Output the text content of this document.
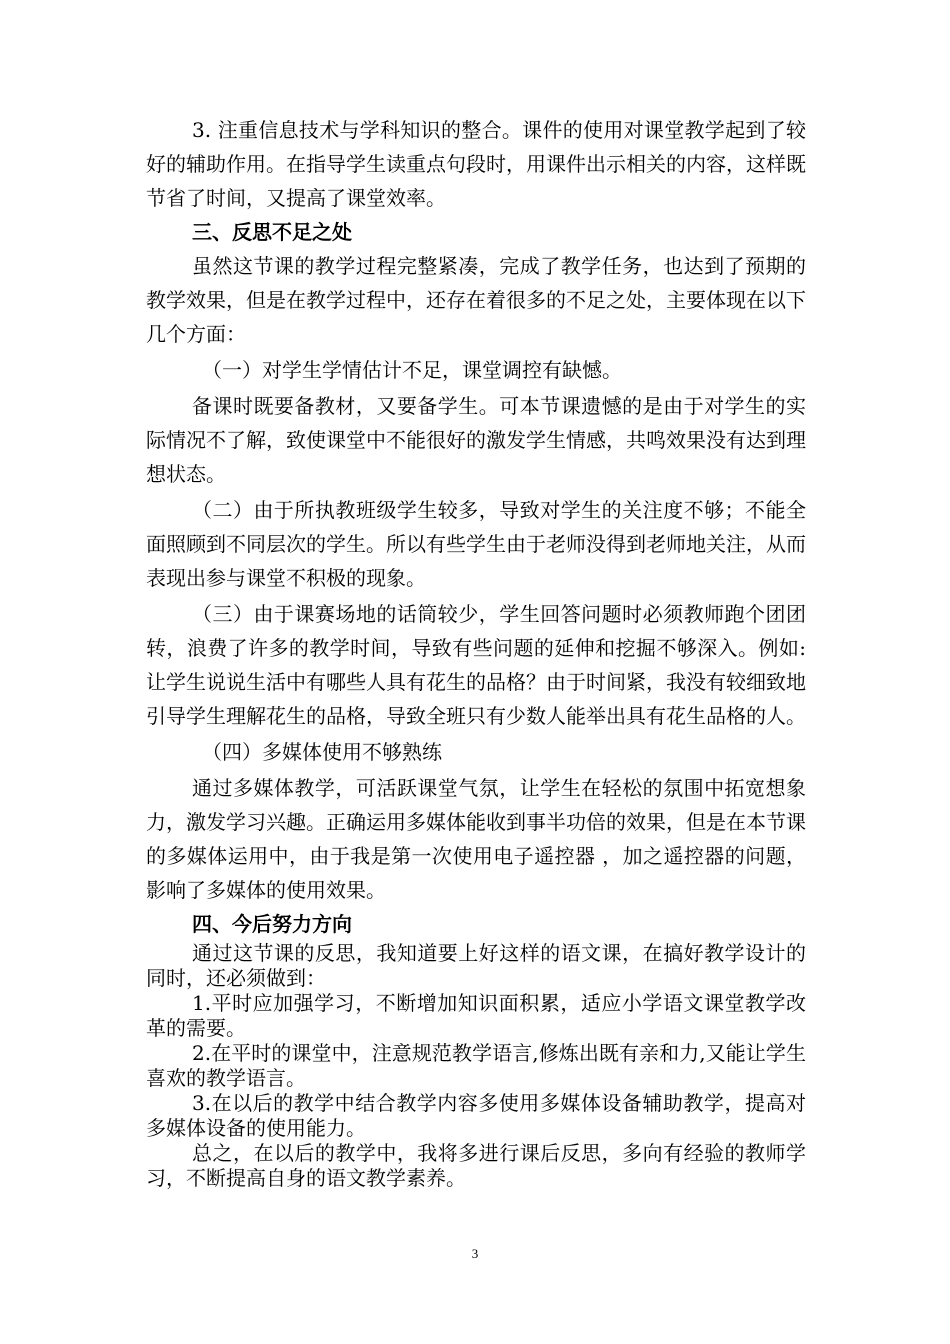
3. 注重信息技术与学科知识的整合。课件的使用对课堂教学起到了较好的辅助作用。在指导学生读重点句段时，用课件出示相关的内容，这样既节省了时间，又提高了课堂效率。

三、反思不足之处

虽然这节课的教学过程完整紧凑，完成了教学任务，也达到了预期的教学效果，但是在教学过程中，还存在着很多的不足之处，主要体现在以下几个方面：

（一）对学生学情估计不足，课堂调控有缺憾。

备课时既要备教材，又要备学生。可本节课遗憾的是由于对学生的实际情况不了解，致使课堂中不能很好的激发学生情感，共鸣效果没有达到理想状态。

（二）由于所执教班级学生较多，导致对学生的关注度不够；不能全面照顾到不同层次的学生。所以有些学生由于老师没得到老师地关注，从而表现出参与课堂不积极的现象。

（三）由于课赛场地的话筒较少，学生回答问题时必须教师跑个团团转，浪费了许多的教学时间，导致有些问题的延伸和挖掘不够深入。例如:让学生说说生活中有哪些人具有花生的品格？由于时间紧，我没有较细致地引导学生理解花生的品格，导致全班只有少数人能举出具有花生品格的人。

（四）多媒体使用不够熟练

通过多媒体教学，可活跃课堂气氛，让学生在轻松的氛围中拓宽想象力，激发学习兴趣。正确运用多媒体能收到事半功倍的效果，但是在本节课的多媒体运用中，由于我是第一次使用电子遥控器 ，加之遥控器的问题，影响了多媒体的使用效果。

四、今后努力方向

通过这节课的反思，我知道要上好这样的语文课，在搞好教学设计的同时，还必须做到：

1.平时应加强学习，不断增加知识面积累，适应小学语文课堂教学改革的需要。

2.在平时的课堂中，注意规范教学语言,修炼出既有亲和力,又能让学生喜欢的教学语言。

3.在以后的教学中结合教学内容多使用多媒体设备辅助教学，提高对多媒体设备的使用能力。

总之，在以后的教学中，我将多进行课后反思，多向有经验的教师学习，不断提高自身的语文教学素养。

3
